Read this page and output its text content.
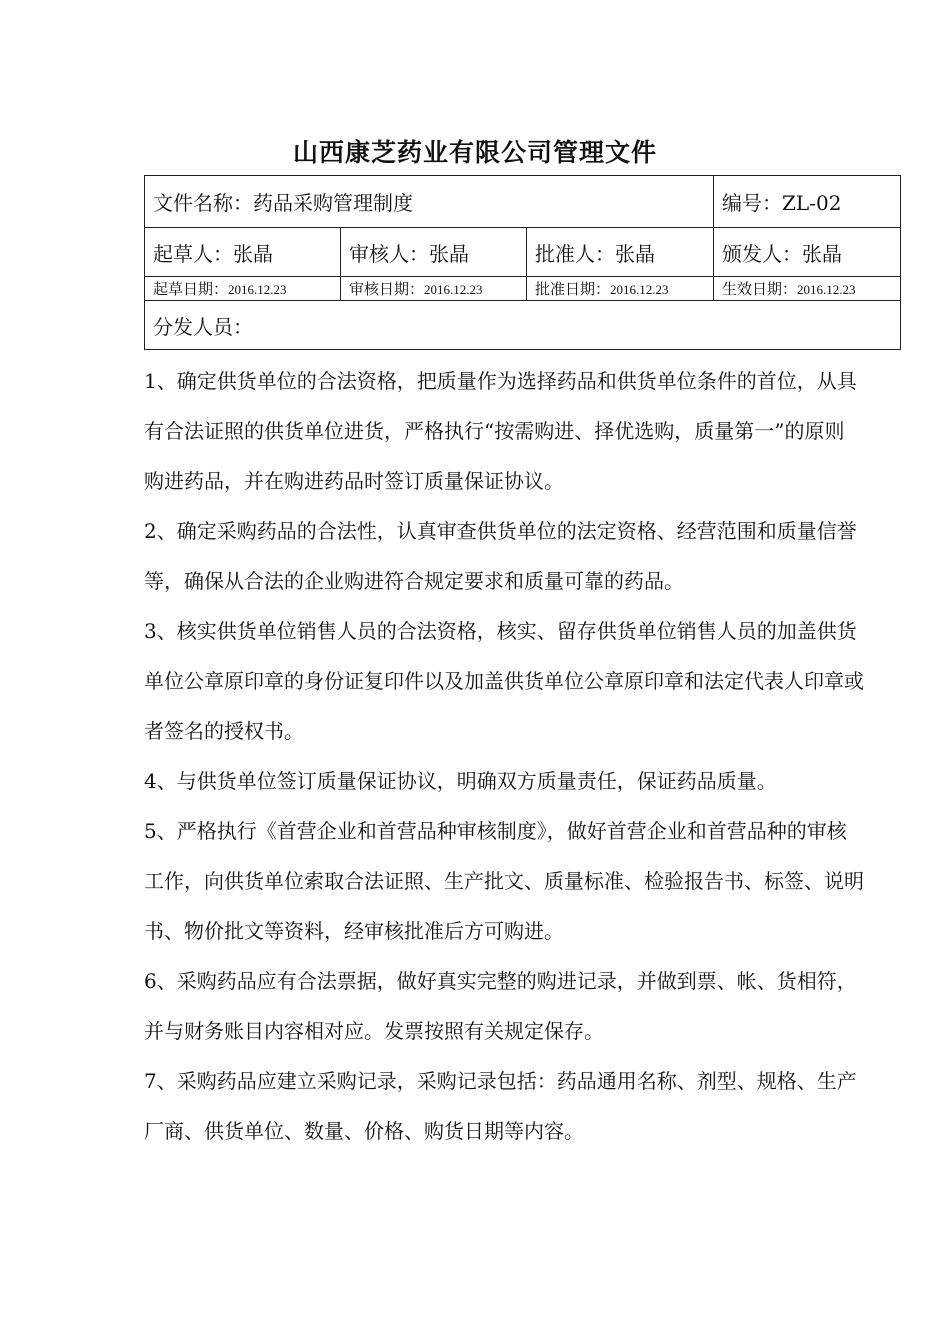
山西康芝药业有限公司管理文件
文件名称：药品采购管理制度			编号：ZL-02
起草人：张晶	审核人：张晶	批准人：张晶	颁发人：张晶
起草日期：2016.12.23	审核日期：2016.12.23	批准日期：2016.12.23	生效日期：2016.12.23
分发人员：			

1、确定供货单位的合法资格，把质量作为选择药品和供货单位条件的首位，从具有合法证照的供货单位进货，严格执行“按需购进、择优选购，质量第一”的原则购进药品，并在购进药品时签订质量保证协议。

2、确定采购药品的合法性，认真审查供货单位的法定资格、经营范围和质量信誉等，确保从合法的企业购进符合规定要求和质量可靠的药品。

3、核实供货单位销售人员的合法资格，核实、留存供货单位销售人员的加盖供货单位公章原印章的身份证复印件以及加盖供货单位公章原印章和法定代表人印章或者签名的授权书。

4、与供货单位签订质量保证协议，明确双方质量责任，保证药品质量。

5、严格执行《首营企业和首营品种审核制度》，做好首营企业和首营品种的审核工作，向供货单位索取合法证照、生产批文、质量标准、检验报告书、标签、说明书、物价批文等资料，经审核批准后方可购进。

6、采购药品应有合法票据，做好真实完整的购进记录，并做到票、帐、货相符，并与财务账目内容相对应。发票按照有关规定保存。

7、采购药品应建立采购记录，采购记录包括：药品通用名称、剂型、规格、生产厂商、供货单位、数量、价格、购货日期等内容。
